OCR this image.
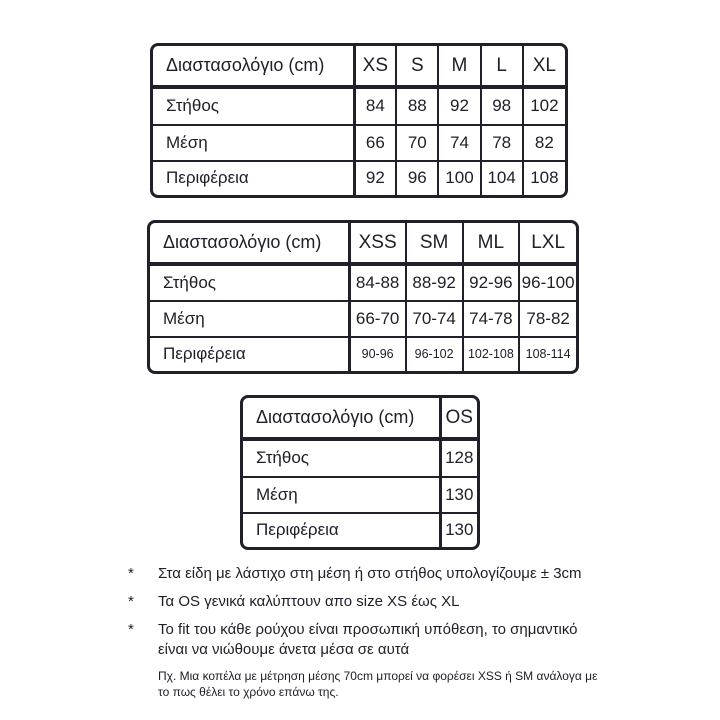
Διαστασολόγιο (cm)	XS	S	M	L	XL
Στήθος	84	88	92	98	102
Μέση	66	70	74	78	82
Περιφέρεια	92	96	100	104	108
Διαστασολόγιο (cm)	XSS	SM	ML	LXL
Στήθος	84-88	88-92	92-96	96-100
Μέση	66-70	70-74	74-78	78-82
Περιφέρεια	90-96	96-102	102-108	108-114
Διαστασολόγιο (cm)	OS
Στήθος	128
Μέση	130
Περιφέρεια	130
*	Στα είδη με λάστιχο στη μέση ή στο στήθος υπολογίζουμε ± 3cm
*	Τα OS γενικά καλύπτουν απο size XS έως XL
*	Το fit του κάθε ρούχου είναι προσωπική υπόθεση, το σημαντικό
είναι να νιώθουμε άνετα μέσα σε αυτά
Πχ. Μια κοπέλα με μέτρηση μέσης 70cm μπορεί να φορέσει XSS ή SM ανάλογα με
το πως θέλει το χρόνο επάνω της.
